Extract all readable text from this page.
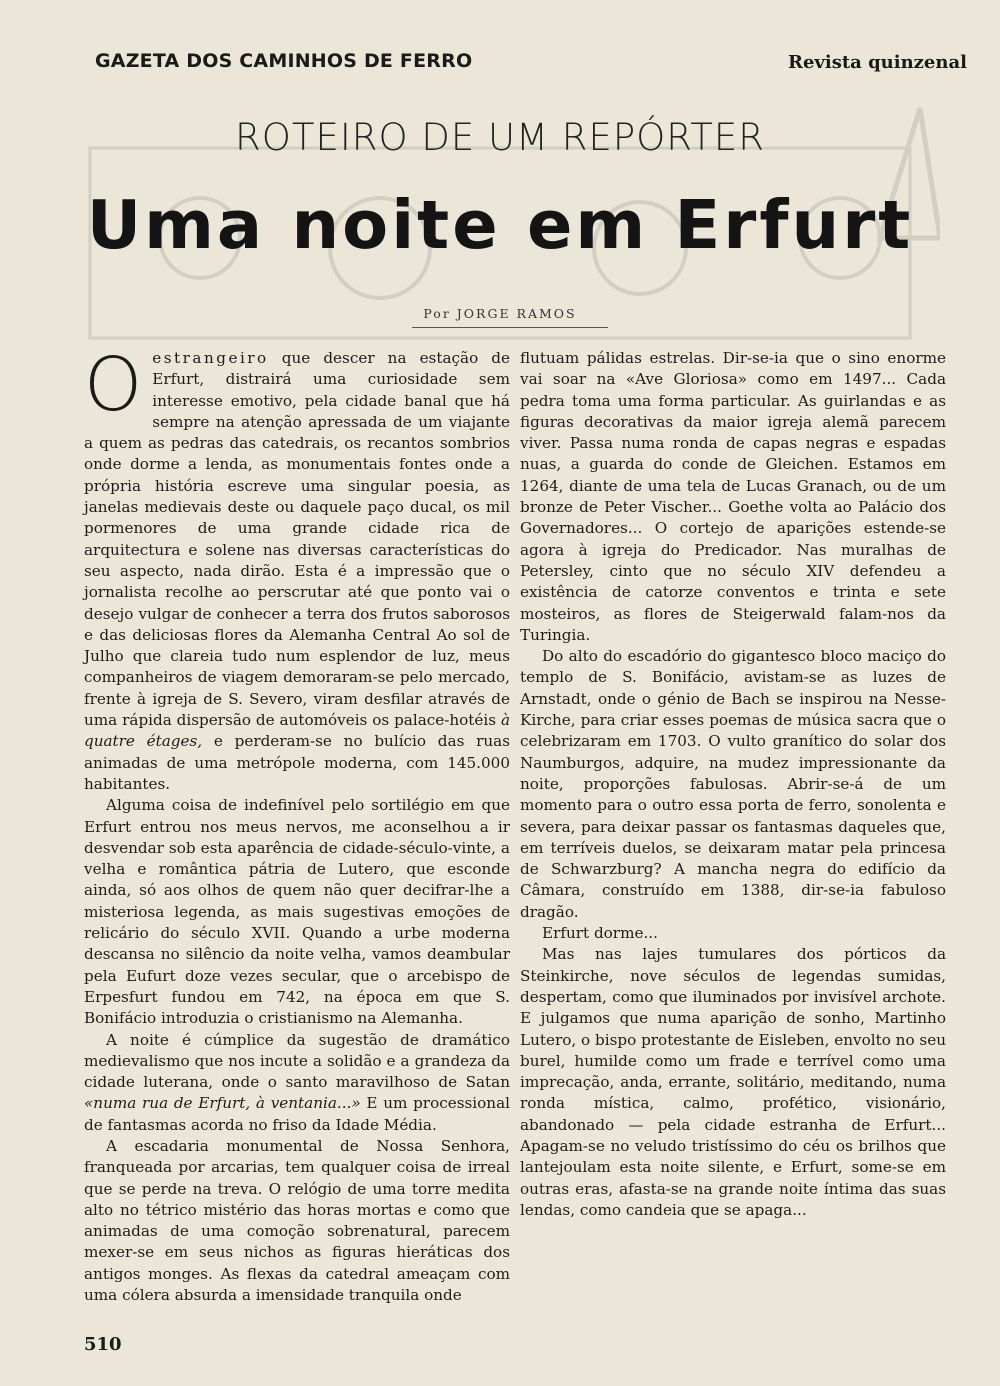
GAZETA DOS CAMINHOS DE FERRO	Revista quinzenal
ROTEIRO DE UM REPÓRTER
Uma noite em Erfurt
Por JORGE RAMOS

Oestrangeiro que descer na estação de Erfurt, distrairá uma curiosidade sem interesse emotivo, pela cidade banal que há sempre na atenção apressada de um viajante a quem as pedras das catedrais, os recantos sombrios onde dorme a lenda, as monumentais fontes onde a própria história escreve uma singular poesia, as janelas medievais deste ou daquele paço ducal, os mil pormenores de uma grande cidade rica de arquitectura e solene nas diversas características do seu aspecto, nada dirão. Esta é a impressão que o jornalista recolhe ao perscrutar até que ponto vai o desejo vulgar de conhecer a terra dos frutos saborosos e das deliciosas flores da Alemanha Central Ao sol de Julho que clareia tudo num esplendor de luz, meus companheiros de viagem demoraram-se pelo mercado, frente à igreja de S. Severo, viram desfilar através de uma rápida dispersão de automóveis os palace-hotéis à quatre étages, e perderam-se no bulício das ruas animadas de uma metrópole moderna, com 145.000 habitantes.

Alguma coisa de indefinível pelo sortilégio em que Erfurt entrou nos meus nervos, me aconselhou a ir desvendar sob esta aparência de cidade-século-vinte, a velha e romântica pátria de Lutero, que esconde ainda, só aos olhos de quem não quer decifrar-lhe a misteriosa legenda, as mais sugestivas emoções de relicário do século XVII. Quando a urbe moderna descansa no silêncio da noite velha, vamos deambular pela Eufurt doze vezes secular, que o arcebispo de Erpesfurt fundou em 742, na época em que S. Bonifácio introduzia o cristianismo na Alemanha.

A noite é cúmplice da sugestão de dramático medievalismo que nos incute a solidão e a grandeza da cidade luterana, onde o santo maravilhoso de Satan «numa rua de Erfurt, à ventania...» E um processional de fantasmas acorda no friso da Idade Média.

A escadaria monumental de Nossa Senhora, franqueada por arcarias, tem qualquer coisa de irreal que se perde na treva. O relógio de uma torre medita alto no tétrico mistério das horas mortas e como que animadas de uma comoção sobrenatural, parecem mexer-se em seus nichos as figuras hieráticas dos antigos monges. As flexas da catedral ameaçam com uma cólera absurda a imensidade tranquila onde

flutuam pálidas estrelas. Dir-se-ia que o sino enorme vai soar na «Ave Gloriosa» como em 1497... Cada pedra toma uma forma particular. As guirlandas e as figuras decorativas da maior igreja alemã parecem viver. Passa numa ronda de capas negras e espadas nuas, a guarda do conde de Gleichen. Estamos em 1264, diante de uma tela de Lucas Granach, ou de um bronze de Peter Vischer... Goethe volta ao Palácio dos Governadores... O cortejo de aparições estende-se agora à igreja do Predicador. Nas muralhas de Petersley, cinto que no século XIV defendeu a existência de catorze conventos e trinta e sete mosteiros, as flores de Steigerwald falam-nos da Turingia.

Do alto do escadório do gigantesco bloco maciço do templo de S. Bonifácio, avistam-se as luzes de Arnstadt, onde o génio de Bach se inspirou na Nesse-Kirche, para criar esses poemas de música sacra que o celebrizaram em 1703. O vulto granítico do solar dos Naumburgos, adquire, na mudez impressionante da noite, proporções fabulosas. Abrir-se-á de um momento para o outro essa porta de ferro, sonolenta e severa, para deixar passar os fantasmas daqueles que, em terríveis duelos, se deixaram matar pela princesa de Schwarzburg? A mancha negra do edifício da Câmara, construído em 1388, dir-se-ia fabuloso dragão.

Erfurt dorme...

Mas nas lajes tumulares dos pórticos da Steinkirche, nove séculos de legendas sumidas, despertam, como que iluminados por invisível archote. E julgamos que numa aparição de sonho, Martinho Lutero, o bispo protestante de Eisleben, envolto no seu burel, humilde como um frade e terrível como uma imprecação, anda, errante, solitário, meditando, numa ronda mística, calmo, profético, visionário, abandonado — pela cidade estranha de Erfurt... Apagam-se no veludo tristíssimo do céu os brilhos que lantejoulam esta noite silente, e Erfurt, some-se em outras eras, afasta-se na grande noite íntima das suas lendas, como candeia que se apaga...

510
